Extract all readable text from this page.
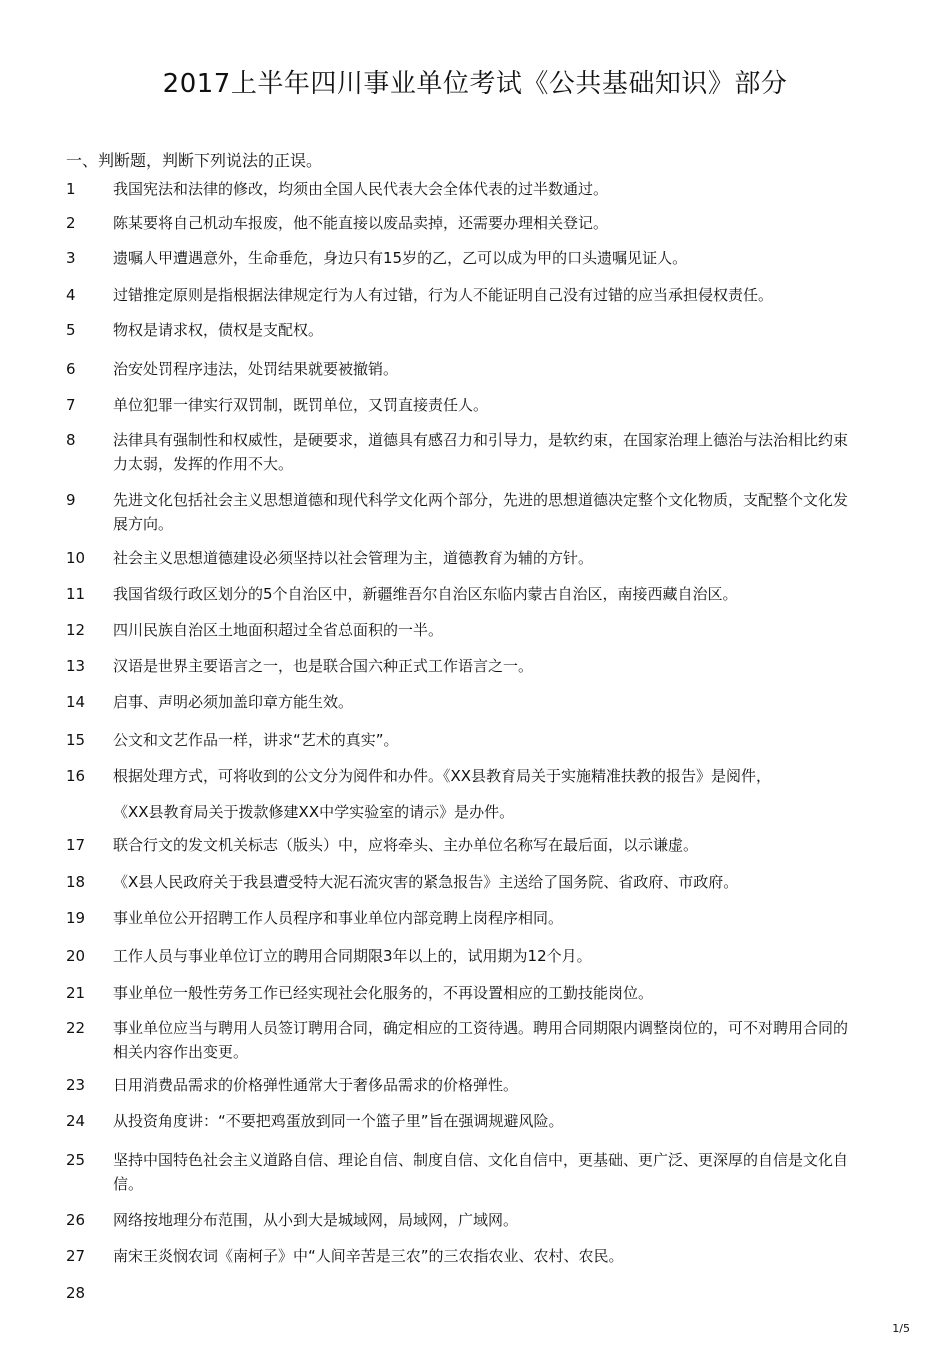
2017上半年四川事业单位考试《公共基础知识》部分
一、判断题，判断下列说法的正误。
1	我国宪法和法律的修改，均须由全国人民代表大会全体代表的过半数通过。
2	陈某要将自己机动车报废，他不能直接以废品卖掉，还需要办理相关登记。
3	遗嘱人甲遭遇意外，生命垂危，身边只有15岁的乙，乙可以成为甲的口头遗嘱见证人。
4	过错推定原则是指根据法律规定行为人有过错，行为人不能证明自己没有过错的应当承担侵权责任。
5	物权是请求权，债权是支配权。
6	治安处罚程序违法，处罚结果就要被撤销。
7	单位犯罪一律实行双罚制，既罚单位，又罚直接责任人。
8	法律具有强制性和权威性，是硬要求，道德具有感召力和引导力，是软约束，在国家治理上德治与法治相比约束力太弱，发挥的作用不大。
9	先进文化包括社会主义思想道德和现代科学文化两个部分，先进的思想道德决定整个文化物质，支配整个文化发展方向。
10	社会主义思想道德建设必须坚持以社会管理为主，道德教育为辅的方针。
11	我国省级行政区划分的5个自治区中，新疆维吾尔自治区东临内蒙古自治区，南接西藏自治区。
12	四川民族自治区土地面积超过全省总面积的一半。
13	汉语是世界主要语言之一，也是联合国六种正式工作语言之一。
14	启事、声明必须加盖印章方能生效。
15	公文和文艺作品一样，讲求“艺术的真实”。
16	根据处理方式，可将收到的公文分为阅件和办件。《XX县教育局关于实施精准扶教的报告》是阅件，
《XX县教育局关于拨款修建XX中学实验室的请示》是办件。
17	联合行文的发文机关标志（版头）中，应将牵头、主办单位名称写在最后面，以示谦虚。
18	《X县人民政府关于我县遭受特大泥石流灾害的紧急报告》主送给了国务院、省政府、市政府。
19	事业单位公开招聘工作人员程序和事业单位内部竞聘上岗程序相同。
20	工作人员与事业单位订立的聘用合同期限3年以上的，试用期为12个月。
21	事业单位一般性劳务工作已经实现社会化服务的，不再设置相应的工勤技能岗位。
22	事业单位应当与聘用人员签订聘用合同，确定相应的工资待遇。聘用合同期限内调整岗位的，可不对聘用合同的相关内容作出变更。
23	日用消费品需求的价格弹性通常大于奢侈品需求的价格弹性。
24	从投资角度讲：“不要把鸡蛋放到同一个篮子里”旨在强调规避风险。
25	坚持中国特色社会主义道路自信、理论自信、制度自信、文化自信中，更基础、更广泛、更深厚的自信是文化自信。
26	网络按地理分布范围，从小到大是城域网，局域网，广域网。
27	南宋王炎悯农词《南柯子》中“人间辛苦是三农”的三农指农业、农村、农民。
28
1/5
